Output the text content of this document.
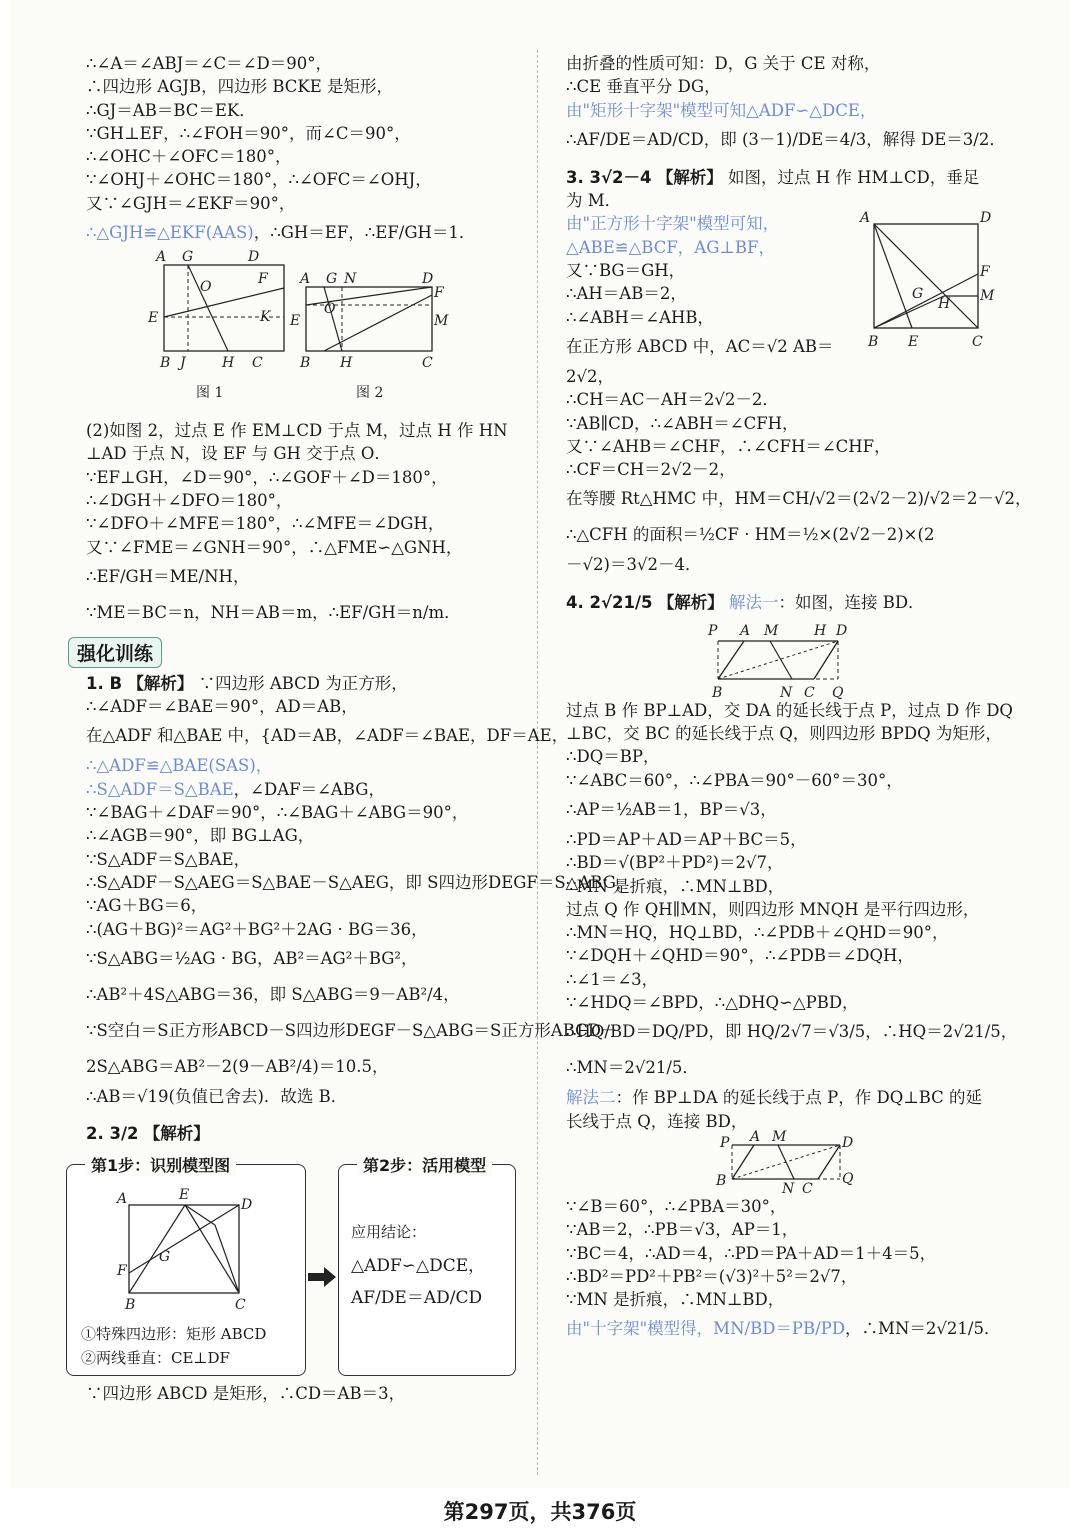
∴∠A＝∠ABJ＝∠C＝∠D＝90°，
∴四边形 AGJB，四边形 BCKE 是矩形，
∴GJ＝AB＝BC＝EK．
∵GH⊥EF，∴∠FOH＝90°，而∠C＝90°，
∴∠OHC＋∠OFC＝180°，
∵∠OHJ＋∠OHC＝180°，∴∠OFC＝∠OHJ，
又∵∠GJH＝∠EKF＝90°，
∴△GJH≌△EKF(AAS)，∴GH＝EF，∴EF/GH＝1．
A G	D
F
O
E	K
B J	H C
图 1
A G N	D
F
O
E	M
B H	C
图 2
(2)如图 2，过点 E 作 EM⊥CD 于点 M，过点 H 作 HN
⊥AD 于点 N，设 EF 与 GH 交于点 O．
∵EF⊥GH，∠D＝90°，∴∠GOF＋∠D＝180°，
∴∠DGH＋∠DFO＝180°，
∵∠DFO＋∠MFE＝180°，∴∠MFE＝∠DGH，
又∵∠FME＝∠GNH＝90°，∴△FME∽△GNH，
∴EF/GH＝ME/NH，
∵ME＝BC＝n，NH＝AB＝m，∴EF/GH＝n/m．
强化训练
1. B 【解析】 ∵四边形 ABCD 为正方形，
∴∠ADF＝∠BAE＝90°，AD＝AB，
在△ADF 和△BAE 中，{AD＝AB，∠ADF＝∠BAE，DF＝AE，
∴△ADF≌△BAE(SAS)，
∴S△ADF＝S△BAE，∠DAF＝∠ABG，
∵∠BAG＋∠DAF＝90°，∴∠BAG＋∠ABG＝90°，
∴∠AGB＝90°，即 BG⊥AG，
∵S△ADF＝S△BAE，
∴S△ADF－S△AEG＝S△BAE－S△AEG，即 S四边形DEGF＝S△ABG，
∵AG＋BG＝6，
∴(AG＋BG)²＝AG²＋BG²＋2AG · BG＝36，
∵S△ABG＝½AG · BG，AB²＝AG²＋BG²，
∴AB²＋4S△ABG＝36，即 S△ABG＝9－AB²/4，
∵S空白＝S正方形ABCD－S四边形DEGF－S△ABG＝S正方形ABCD－
2S△ABG＝AB²－2(9－AB²/4)＝10.5，
∴AB＝√19(负值已舍去)．故选 B．
2. 3/2 【解析】
第1步：识别模型图
A	E
D
F
G
B	C
①特殊四边形：矩形 ABCD
②两线垂直：CE⊥DF
第2步：活用模型
应用结论：
△ADF∽△DCE，
AF/DE＝AD/CD
∵四边形 ABCD 是矩形，∴CD＝AB＝3，
由折叠的性质可知：D，G 关于 CE 对称，
∴CE 垂直平分 DG，
由"矩形十字架"模型可知△ADF∽△DCE，
∴AF/DE＝AD/CD，即 (3－1)/DE＝4/3，解得 DE＝3/2．
3. 3√2－4 【解析】 如图，过点 H 作 HM⊥CD，垂足
为 M．
A	D
F
M
G
H
B E	C
由"正方形十字架"模型可知，
△ABE≌△BCF，AG⊥BF，
又∵BG＝GH，
∴AH＝AB＝2，
∴∠ABH＝∠AHB，
在正方形 ABCD 中，AC＝√2 AB＝
2√2，
∴CH＝AC－AH＝2√2－2．
∵AB∥CD，∴∠ABH＝∠CFH，
又∵∠AHB＝∠CHF，∴∠CFH＝∠CHF，
∴CF＝CH＝2√2－2，
在等腰 Rt△HMC 中，HM＝CH/√2＝(2√2－2)/√2＝2－√2，
∴△CFH 的面积＝½CF · HM＝½×(2√2－2)×(2
－√2)＝3√2－4．
4. 2√21/5 【解析】 解法一：如图，连接 BD．
P A M	H D
B	N C Q
过点 B 作 BP⊥AD，交 DA 的延长线于点 P，过点 D 作 DQ
⊥BC，交 BC 的延长线于点 Q，则四边形 BPDQ 为矩形，
∴DQ＝BP，
∵∠ABC＝60°，∴∠PBA＝90°－60°＝30°，
∴AP＝½AB＝1，BP＝√3，
∴PD＝AP＋AD＝AP＋BC＝5，
∴BD＝√(BP²＋PD²)＝2√7，
∵MN 是折痕，∴MN⊥BD，
过点 Q 作 QH∥MN，则四边形 MNQH 是平行四边形，
∴MN＝HQ，HQ⊥BD，∴∠PDB＋∠QHD＝90°，
∵∠DQH＋∠QHD＝90°，∴∠PDB＝∠DQH，
∴∠1＝∠3，
∵∠HDQ＝∠BPD，∴△DHQ∽△PBD，
∴HQ/BD＝DQ/PD，即 HQ/2√7＝√3/5，∴HQ＝2√21/5，
∴MN＝2√21/5．
解法二：作 BP⊥DA 的延长线于点 P，作 DQ⊥BC 的延
长线于点 Q，连接 BD，
P A M	D
B	Q
N C
∵∠B＝60°，∴∠PBA＝30°，
∵AB＝2，∴PB＝√3，AP＝1，
∵BC＝4，∴AD＝4，∴PD＝PA＋AD＝1＋4＝5，
∴BD²＝PD²＋PB²＝(√3)²＋5²＝2√7，
∵MN 是折痕，∴MN⊥BD，
由"十字架"模型得，MN/BD＝PB/PD，∴MN＝2√21/5．
第297页，共376页
